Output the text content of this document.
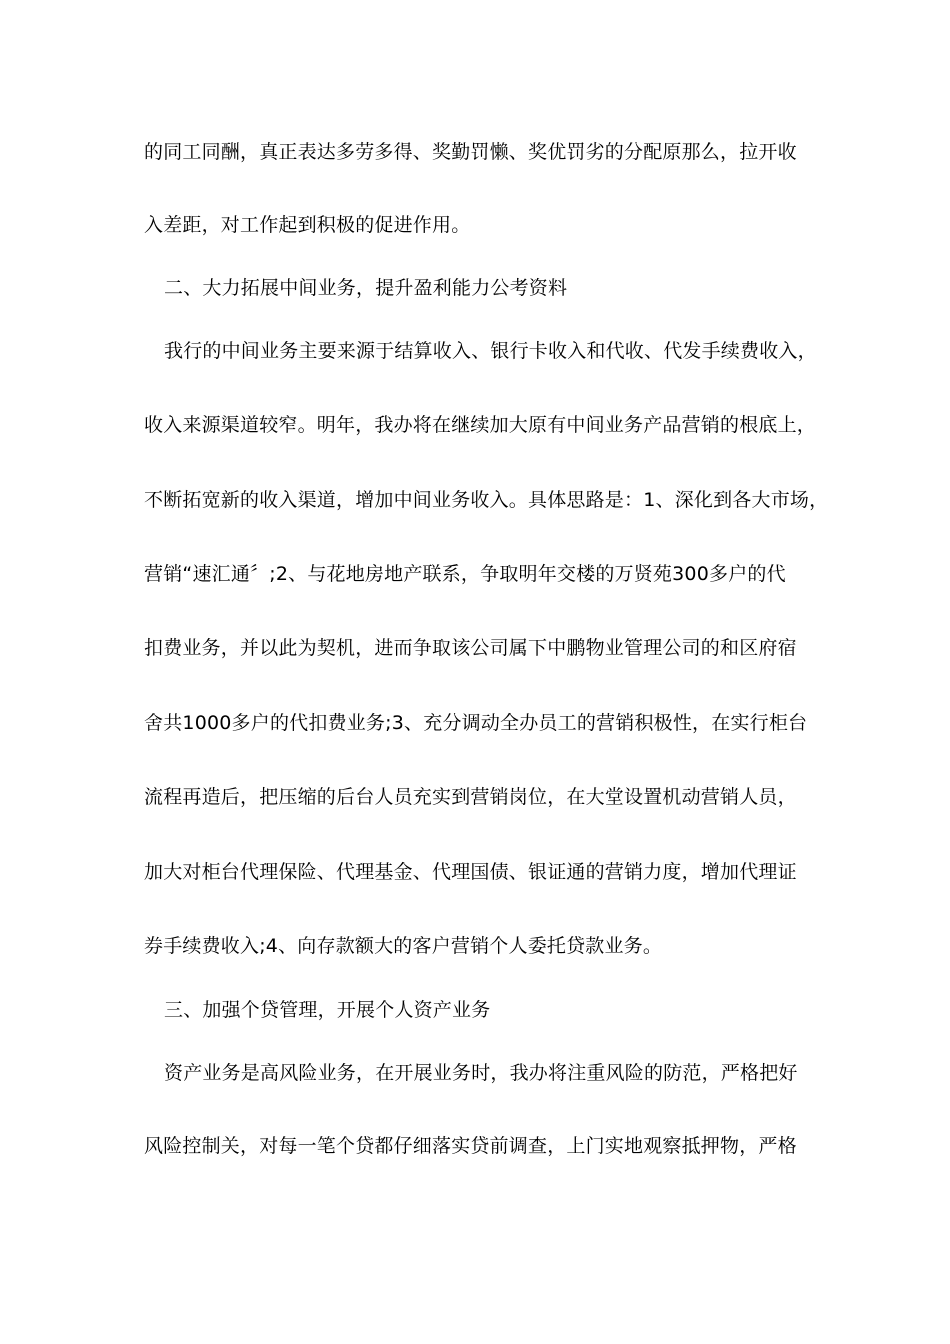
的同工同酬，真正表达多劳多得、奖勤罚懒、奖优罚劣的分配原那么，拉开收
入差距，对工作起到积极的促进作用。
二、大力拓展中间业务，提升盈利能力公考资料
我行的中间业务主要来源于结算收入、银行卡收入和代收、代发手续费收入，
收入来源渠道较窄。明年，我办将在继续加大原有中间业务产品营销的根底上，
不断拓宽新的收入渠道，增加中间业务收入。具体思路是：1、深化到各大市场，
营销“速汇通〞;2、与花地房地产联系，争取明年交楼的万贤苑300多户的代
扣费业务，并以此为契机，进而争取该公司属下中鹏物业管理公司的和区府宿
舍共1000多户的代扣费业务;3、充分调动全办员工的营销积极性，在实行柜台
流程再造后，把压缩的后台人员充实到营销岗位，在大堂设置机动营销人员，
加大对柜台代理保险、代理基金、代理国债、银证通的营销力度，增加代理证
券手续费收入;4、向存款额大的客户营销个人委托贷款业务。
三、加强个贷管理，开展个人资产业务
资产业务是高风险业务，在开展业务时，我办将注重风险的防范，严格把好
风险控制关，对每一笔个贷都仔细落实贷前调查，上门实地观察抵押物，严格
